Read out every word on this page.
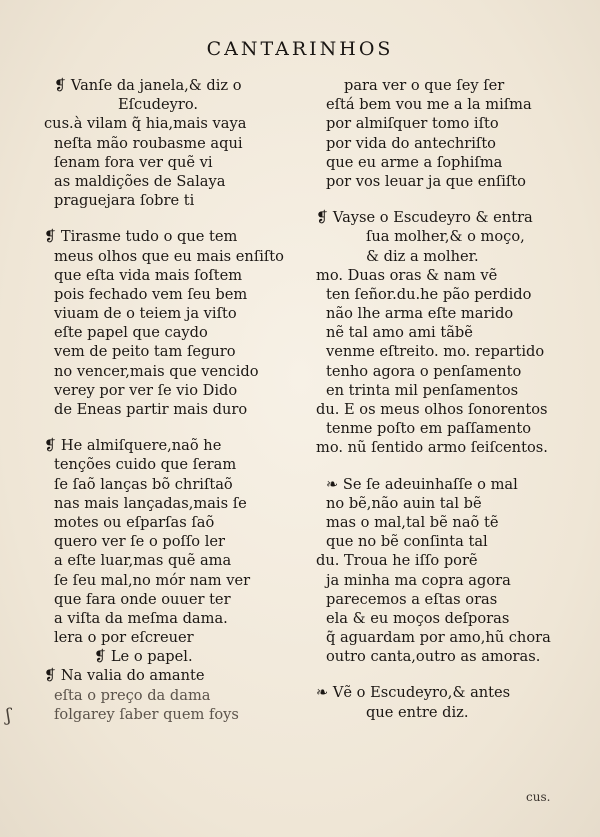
CANTARINHOS
❡ Vanſe da janela,& diz o
Eſcudeyro.
cus.à vilam q̃ hia,mais vaya
neſta mão roubasme aqui
ſenam fora ver quẽ vi
as maldições de Salaya
praguejara ſobre ti
❡ Tirasme tudo o que tem
meus olhos que eu mais enſiſto
que eſta vida mais ſoſtem
pois fechado vem ſeu bem
viuam de o teiem ja viſto
eſte papel que caydo
vem de peito tam ſeguro
no vencer,mais que vencido
verey por ver ſe vio Dido
de Eneas partir mais duro
❡ He almiſquere,naõ he
tenções cuido que ſeram
ſe ſaõ lanças bõ chriſtaõ
nas mais lançadas,mais ſe
motes ou eſparſas ſaõ
quero ver ſe o poſſo ler
a eſte luar,mas quẽ ama
ſe ſeu mal,no mór nam ver
que fara onde ouuer ter
a viſta da meſma dama.
lera o por eſcreuer
❡ Le o papel.
❡ Na valia do amante
eſta o preço da dama
folgarey ſaber quem foys
para ver o que ſey ſer
eſtá bem vou me a la miſma
por almiſquer tomo iſto
por vida do antechriſto
que eu arme a ſophiſma
por vos leuar ja que enſiſto
❡ Vayse o Escudeyro & entra
ſua molher,& o moço,
& diz a molher.
mo. Duas oras & nam vẽ
ten ſeñor.du.he pão perdido
não lhe arma eſte marido
nẽ tal amo ami tãbẽ
venme eſtreito. mo. repartido
tenho agora o penſamento
en trinta mil penſamentos
du. E os meus olhos ſonorentos
tenme poſto em paſſamento
mo. nũ ſentido armo ſeiſcentos.
❧ Se ſe adeuinhaſſe o mal
no bẽ,não auin tal bẽ
mas o mal,tal bẽ naõ tẽ
que no bẽ conſinta tal
du. Troua he iſſo porẽ
ja minha ma copra agora
parecemos a eſtas oras
ela & eu moços deſporas
q̃ aguardam por amo,hũ chora
outro canta,outro as amoras.
❧ Vẽ o Escudeyro,& antes
que entre diz.
ʃ
cus.
